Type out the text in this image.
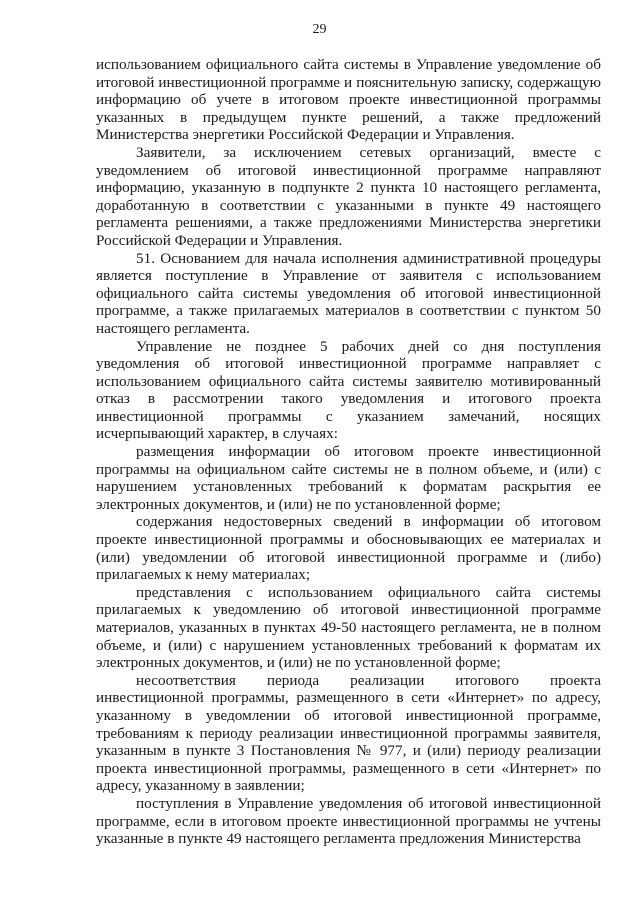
29

использованием официального сайта системы в Управление уведомление об итоговой инвестиционной программе и пояснительную записку, содержащую информацию об учете в итоговом проекте инвестиционной программы указанных в предыдущем пункте решений, а также предложений Министерства энергетики Российской Федерации и Управления.

Заявители, за исключением сетевых организаций, вместе с уведомлением об итоговой инвестиционной программе направляют информацию, указанную в подпункте 2 пункта 10 настоящего регламента, доработанную в соответствии с указанными в пункте 49 настоящего регламента решениями, а также предложениями Министерства энергетики Российской Федерации и Управления.

51. Основанием для начала исполнения административной процедуры является поступление в Управление от заявителя с использованием официального сайта системы уведомления об итоговой инвестиционной программе, а также прилагаемых материалов в соответствии с пунктом 50 настоящего регламента.

Управление не позднее 5 рабочих дней со дня поступления уведомления об итоговой инвестиционной программе направляет с использованием официального сайта системы заявителю мотивированный отказ в рассмотрении такого уведомления и итогового проекта инвестиционной программы с указанием замечаний, носящих исчерпывающий характер, в случаях:

размещения информации об итоговом проекте инвестиционной программы на официальном сайте системы не в полном объеме, и (или) с нарушением установленных требований к форматам раскрытия ее электронных документов, и (или) не по установленной форме;

содержания недостоверных сведений в информации об итоговом проекте инвестиционной программы и обосновывающих ее материалах и (или) уведомлении об итоговой инвестиционной программе и (либо) прилагаемых к нему материалах;

представления с использованием официального сайта системы прилагаемых к уведомлению об итоговой инвестиционной программе материалов, указанных в пунктах 49-50 настоящего регламента, не в полном объеме, и (или) с нарушением установленных требований к форматам их электронных документов, и (или) не по установленной форме;

несоответствия периода реализации итогового проекта инвестиционной программы, размещенного в сети «Интернет» по адресу, указанному в уведомлении об итоговой инвестиционной программе, требованиям к периоду реализации инвестиционной программы заявителя, указанным в пункте 3 Постановления № 977, и (или) периоду реализации проекта инвестиционной программы, размещенного в сети «Интернет» по адресу, указанному в заявлении;

поступления в Управление уведомления об итоговой инвестиционной программе, если в итоговом проекте инвестиционной программы не учтены указанные в пункте 49 настоящего регламента предложения Министерства
